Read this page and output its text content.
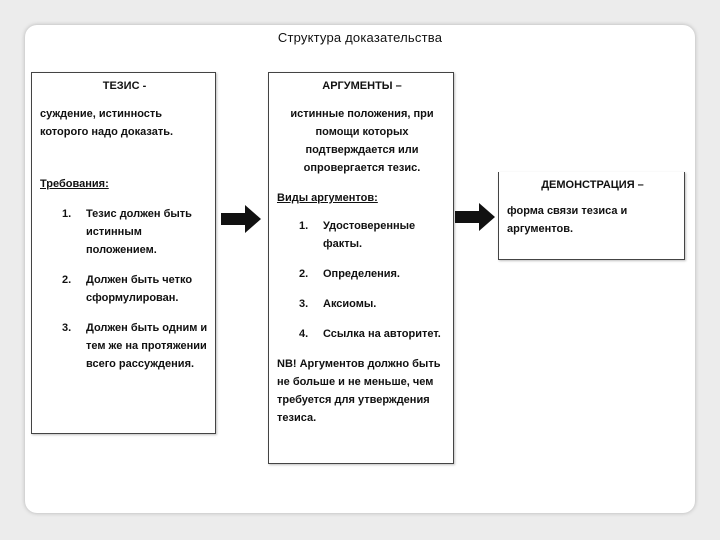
Структура доказательства
ТЕЗИС -
суждение, истинность которого надо доказать.
Требования:
1. Тезис должен быть истинным положением.
2. Должен быть четко сформулирован.
3. Должен быть одним и тем же на протяжении всего рассуждения.
АРГУМЕНТЫ –
истинные положения, при помощи которых подтверждается или опровергается тезис.
Виды аргументов:
1. Удостоверенные факты.
2. Определения.
3. Аксиомы.
4. Ссылка на авторитет.
NB! Аргументов должно быть не больше и не меньше, чем требуется для утверждения тезиса.
ДЕМОНСТРАЦИЯ –
форма связи тезиса и аргументов.
